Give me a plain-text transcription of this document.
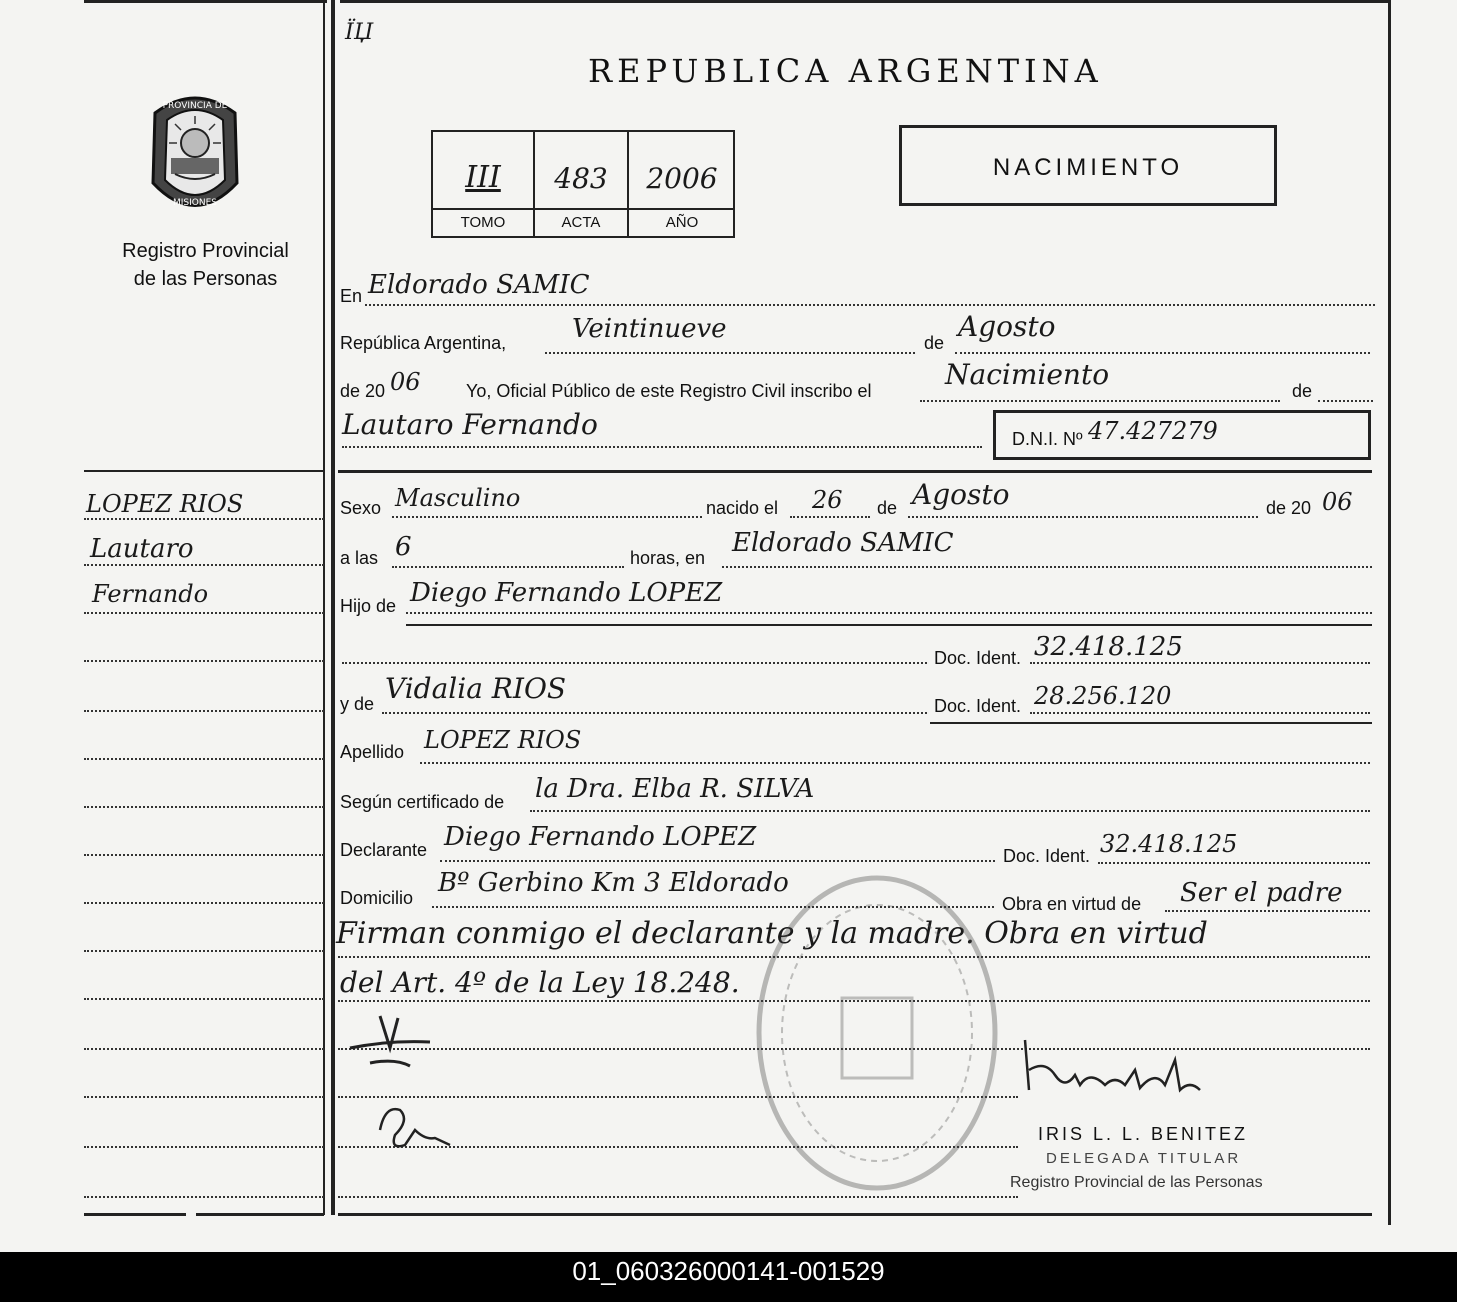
ЇЏ
PROVINCIA DE
MISIONES
Registro Provincial
de las Personas
REPUBLICA ARGENTINA
III	483	2006
TOMO	ACTA	AÑO
NACIMIENTO
En Eldorado SAMIC
República Argentina,	Veintinueve	de Agosto
de 20 06	Yo, Oficial Público de este Registro Civil inscribo el	Nacimiento	de
Lautaro Fernando	D.N.I. Nº 47.427279
LOPEZ RIOS
Lautaro
Fernando
Sexo Masculino	nacido el 26 de Agosto	de 20 06
a las 6	horas, en Eldorado SAMIC
Hijo de Diego Fernando LOPEZ
Doc. Ident. 32.418.125
y de Vidalia RIOS
Doc. Ident. 28.256.120
Apellido LOPEZ RIOS
Según certificado de la Dra. Elba R. SILVA
Declarante Diego Fernando LOPEZ
Doc. Ident. 32.418.125
Domicilio Bº Gerbino Km 3 Eldorado
Obra en virtud de Ser el padre
Firman conmigo el declarante y la madre. Obra en virtud
del Art. 4º de la Ley 18.248.
IRIS L. L. BENITEZ
DELEGADA TITULAR
Registro Provincial de las Personas
01_060326000141-001529
